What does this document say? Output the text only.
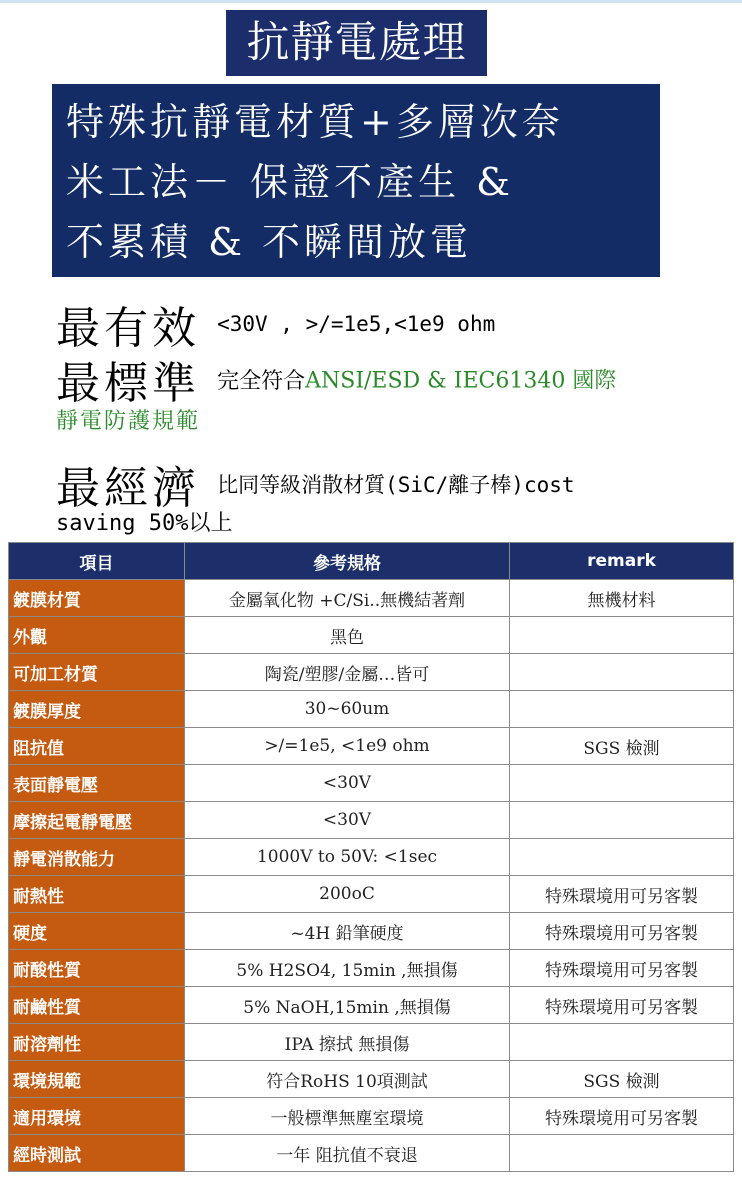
抗靜電處理
特殊抗靜電材質+多層次奈
米工法－ 保證不產生 &
不累積 & 不瞬間放電
最有效 <30V , >/=1e5,<1e9 ohm
最標準 完全符合ANSI/ESD & IEC61340 國際
靜電防護規範
最經濟 比同等級消散材質(SiC/離子棒)cost
saving 50%以上
項目	參考規格	remark
鍍膜材質	金屬氧化物 +C/Si..無機結著劑	無機材料
外觀	黑色	
可加工材質	陶瓷/塑膠/金屬…皆可	
鍍膜厚度	30~60um	
阻抗值	>/=1e5, <1e9 ohm	SGS 檢測
表面靜電壓	<30V	
摩擦起電靜電壓	<30V	
靜電消散能力	1000V to 50V: <1sec	
耐熱性	200oC	特殊環境用可另客製
硬度	~4H 鉛筆硬度	特殊環境用可另客製
耐酸性質	5% H2SO4, 15min ,無損傷	特殊環境用可另客製
耐鹼性質	5% NaOH,15min ,無損傷	特殊環境用可另客製
耐溶劑性	IPA 擦拭 無損傷	
環境規範	符合RoHS 10項測試	SGS 檢測
適用環境	一般標準無塵室環境	特殊環境用可另客製
經時測試	一年 阻抗值不衰退	
